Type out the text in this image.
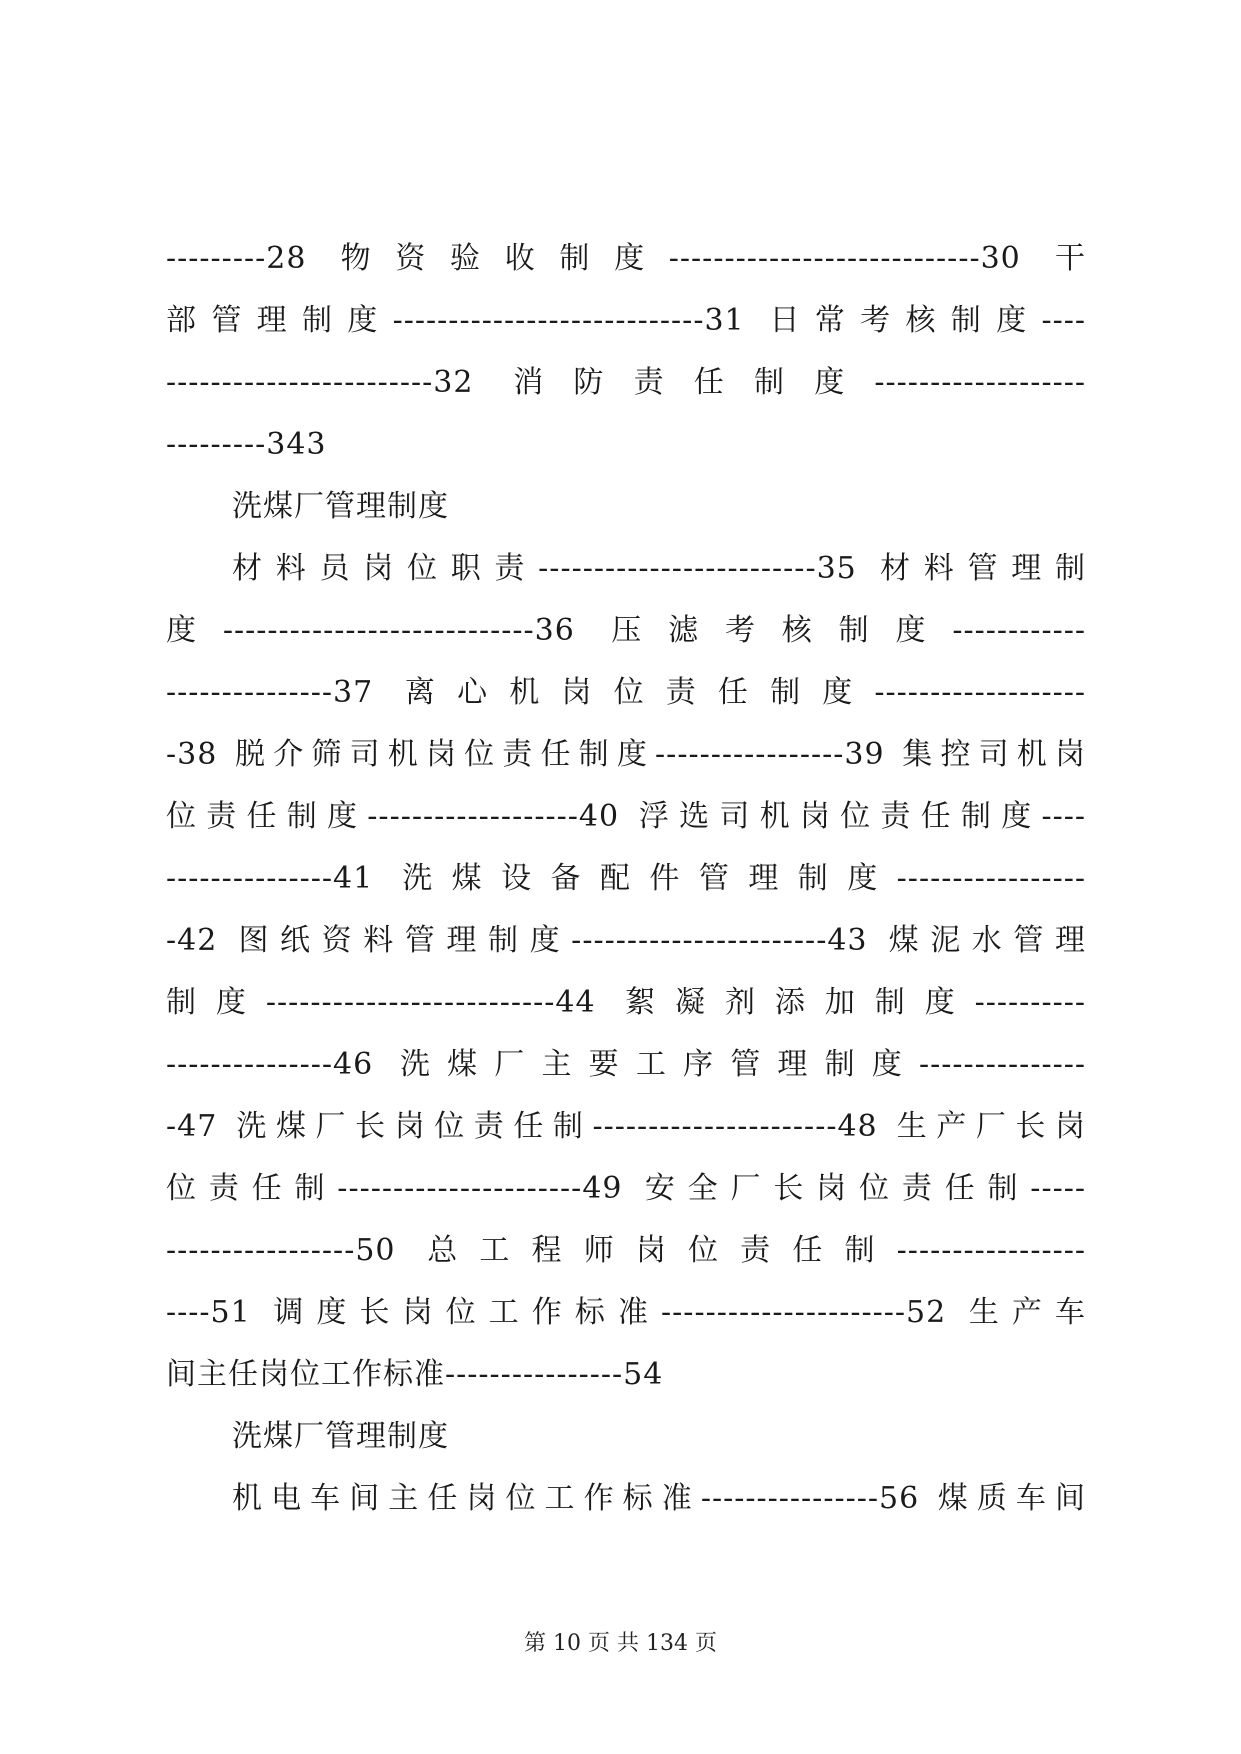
---------28 物资验收制度----------------------------30 干
部管理制度----------------------------31 日常考核制度----
------------------------32 消防责任制度-------------------
---------343
洗煤厂管理制度
材料员岗位职责-------------------------35 材料管理制
度----------------------------36 压滤考核制度------------
---------------37 离心机岗位责任制度-------------------
-38 脱介筛司机岗位责任制度-----------------39 集控司机岗
位责任制度-------------------40 浮选司机岗位责任制度----
---------------41 洗煤设备配件管理制度-----------------
-42 图纸资料管理制度-----------------------43 煤泥水管理
制度--------------------------44 絮凝剂添加制度----------
---------------46 洗煤厂主要工序管理制度---------------
-47 洗煤厂长岗位责任制----------------------48 生产厂长岗
位责任制----------------------49 安全厂长岗位责任制-----
-----------------50 总工程师岗位责任制-----------------
----51 调度长岗位工作标准----------------------52 生产车
间主任岗位工作标准----------------54
洗煤厂管理制度
机电车间主任岗位工作标准----------------56 煤质车间
第 10 页 共 134 页
